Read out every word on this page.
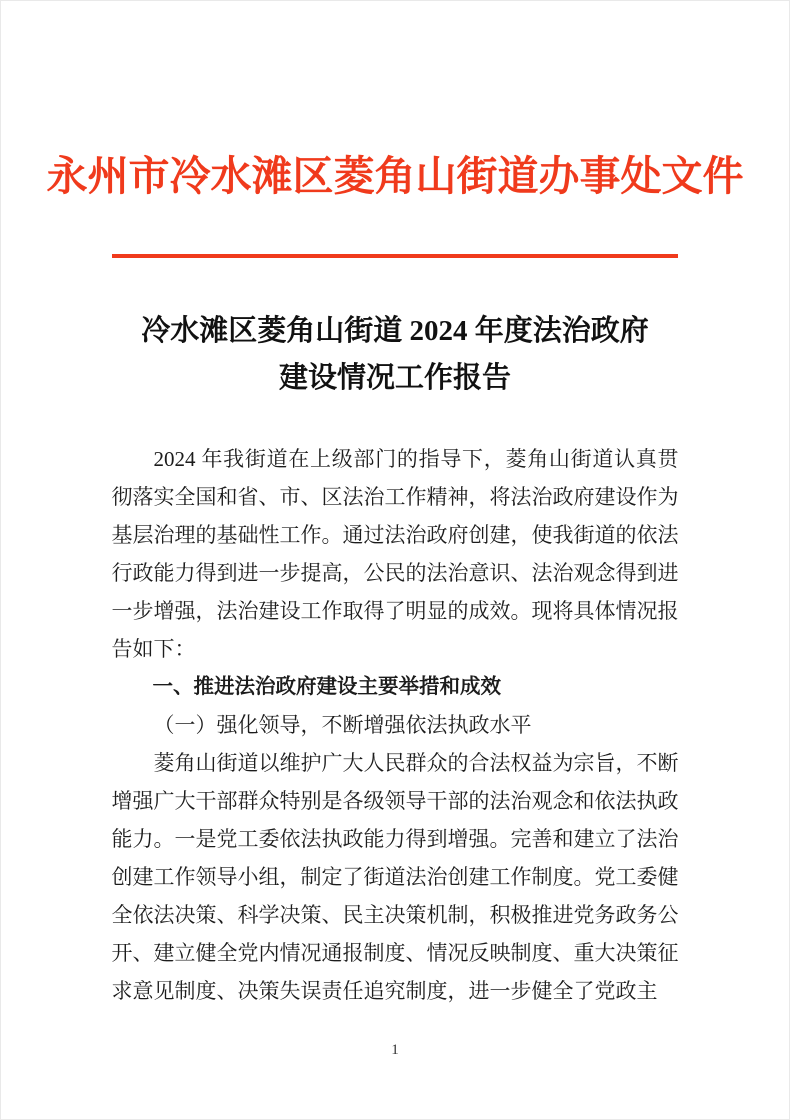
永州市冷水滩区菱角山街道办事处文件
冷水滩区菱角山街道 2024 年度法治政府
建设情况工作报告

2024 年我街道在上级部门的指导下，菱角山街道认真贯彻落实全国和省、市、区法治工作精神，将法治政府建设作为基层治理的基础性工作。通过法治政府创建，使我街道的依法行政能力得到进一步提高，公民的法治意识、法治观念得到进一步增强，法治建设工作取得了明显的成效。现将具体情况报告如下：

一、推进法治政府建设主要举措和成效

（一）强化领导，不断增强依法执政水平

菱角山街道以维护广大人民群众的合法权益为宗旨，不断增强广大干部群众特别是各级领导干部的法治观念和依法执政能力。一是党工委依法执政能力得到增强。完善和建立了法治创建工作领导小组，制定了街道法治创建工作制度。党工委健全依法决策、科学决策、民主决策机制，积极推进党务政务公开、建立健全党内情况通报制度、情况反映制度、重大决策征求意见制度、决策失误责任追究制度，进一步健全了党政主

1
